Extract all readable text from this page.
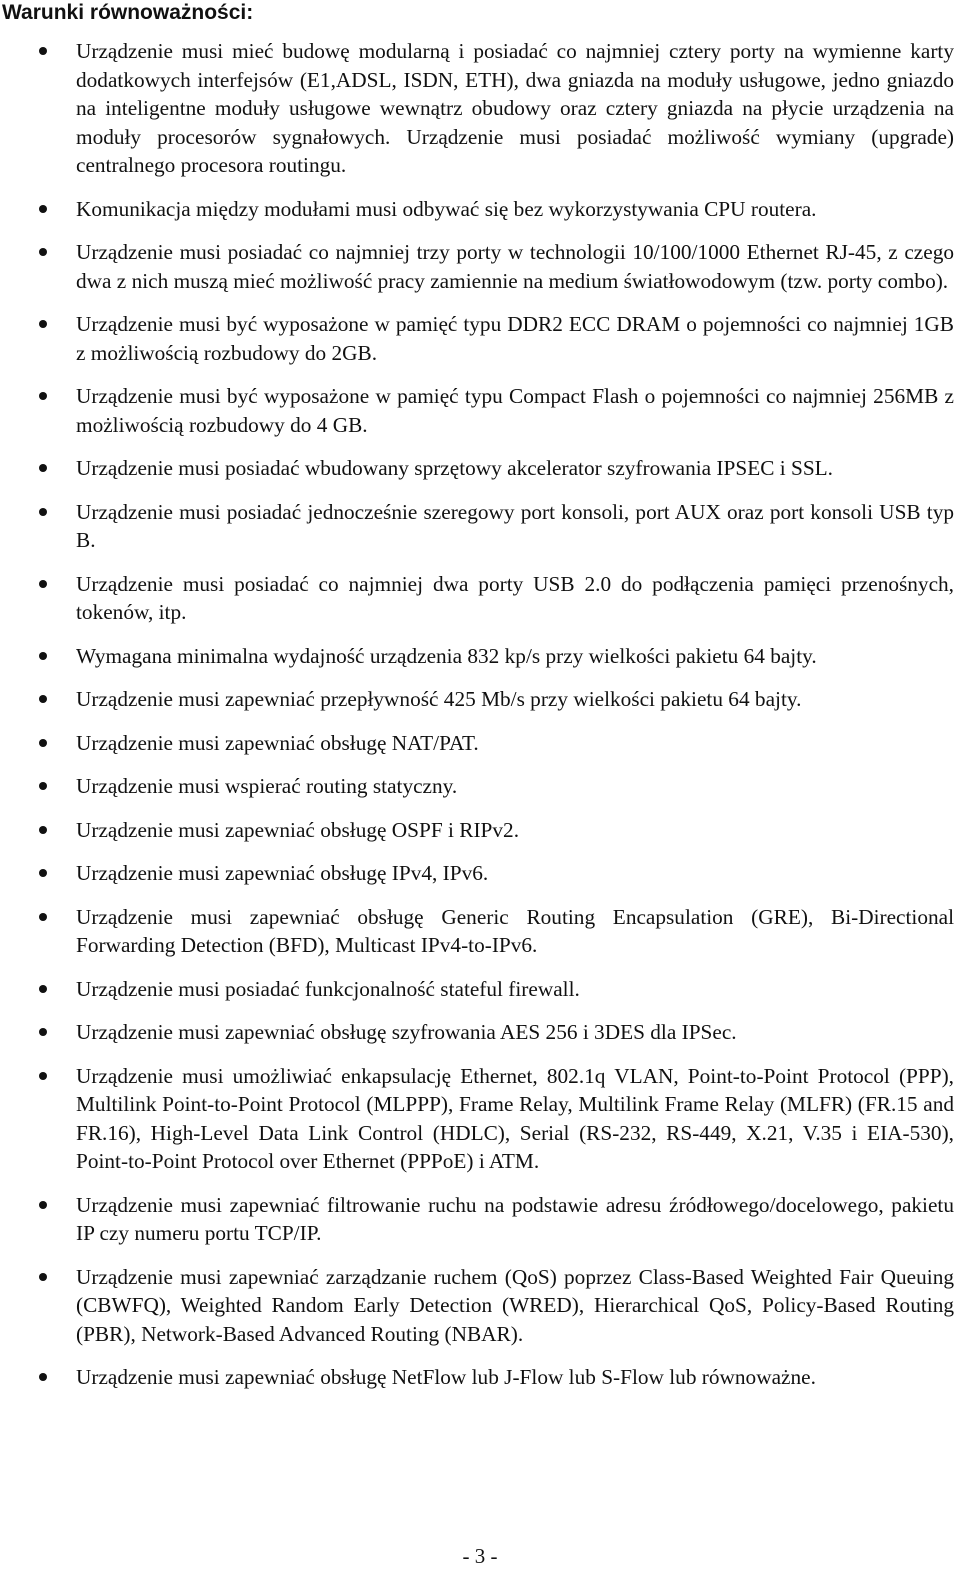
Warunki równoważności:
Urządzenie musi mieć budowę modularną i posiadać co najmniej cztery porty na wymienne karty dodatkowych interfejsów (E1,ADSL, ISDN, ETH), dwa gniazda na moduły usługowe, jedno gniazdo na inteligentne moduły usługowe wewnątrz obudowy oraz cztery gniazda na płycie urządzenia na moduły procesorów sygnałowych. Urządzenie musi posiadać możliwość wymiany (upgrade) centralnego procesora routingu.
Komunikacja między modułami musi odbywać się bez wykorzystywania CPU routera.
Urządzenie musi posiadać co najmniej trzy porty w technologii 10/100/1000 Ethernet RJ-45, z czego dwa z nich muszą mieć możliwość pracy zamiennie na medium światłowodowym (tzw. porty combo).
Urządzenie musi być wyposażone w pamięć typu DDR2 ECC DRAM o pojemności co najmniej 1GB z możliwością rozbudowy do 2GB.
Urządzenie musi być wyposażone w pamięć typu Compact Flash o pojemności co najmniej 256MB z możliwością rozbudowy do 4 GB.
Urządzenie musi posiadać wbudowany sprzętowy akcelerator szyfrowania IPSEC i SSL.
Urządzenie musi posiadać jednocześnie szeregowy port konsoli, port AUX oraz port konsoli USB typ B.
Urządzenie musi posiadać co najmniej dwa porty USB 2.0 do podłączenia pamięci przenośnych, tokenów, itp.
Wymagana minimalna wydajność urządzenia 832 kp/s przy wielkości pakietu 64 bajty.
Urządzenie musi zapewniać przepływność 425 Mb/s przy wielkości pakietu 64 bajty.
Urządzenie musi zapewniać obsługę NAT/PAT.
Urządzenie musi wspierać routing statyczny.
Urządzenie musi zapewniać obsługę OSPF i RIPv2.
Urządzenie musi zapewniać obsługę IPv4, IPv6.
Urządzenie musi zapewniać obsługę Generic Routing Encapsulation (GRE), Bi-Directional Forwarding Detection (BFD), Multicast IPv4-to-IPv6.
Urządzenie musi posiadać funkcjonalność stateful firewall.
Urządzenie musi zapewniać obsługę szyfrowania AES 256 i 3DES dla IPSec.
Urządzenie musi umożliwiać enkapsulację Ethernet, 802.1q VLAN, Point-to-Point Protocol (PPP), Multilink Point-to-Point Protocol (MLPPP), Frame Relay, Multilink Frame Relay (MLFR) (FR.15 and FR.16), High-Level Data Link Control (HDLC), Serial (RS-232, RS-449, X.21, V.35 i EIA-530), Point-to-Point Protocol over Ethernet (PPPoE) i ATM.
Urządzenie musi zapewniać filtrowanie ruchu na podstawie adresu źródłowego/docelowego, pakietu IP czy numeru portu TCP/IP.
Urządzenie musi zapewniać zarządzanie ruchem (QoS) poprzez Class-Based Weighted Fair Queuing (CBWFQ), Weighted Random Early Detection (WRED), Hierarchical QoS, Policy-Based Routing (PBR), Network-Based Advanced Routing (NBAR).
Urządzenie musi zapewniać obsługę NetFlow lub J-Flow lub S-Flow lub równoważne.

- 3 -
